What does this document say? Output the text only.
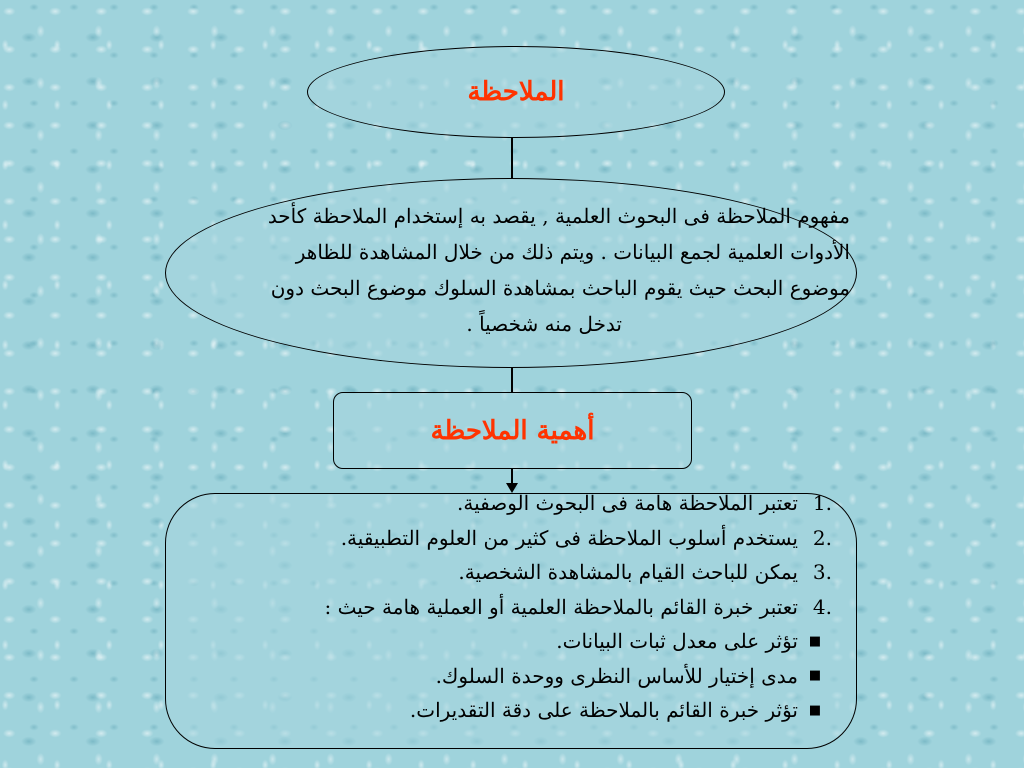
الملاحظة
مفهوم الملاحظة فى البحوث العلمية , يقصد به إستخدام الملاحظة كأحد
الأدوات العلمية لجمع البيانات . ويتم ذلك من خلال المشاهدة للظاهر
موضوع البحث حيث يقوم الباحث بمشاهدة السلوك موضوع البحث دون
تدخل منه شخصياً .
أهمية الملاحظة
1.
تعتبر الملاحظة هامة فى البحوث الوصفية.
2.
يستخدم أسلوب الملاحظة فى كثير من العلوم التطبيقية.
3.
يمكن للباحث القيام بالمشاهدة الشخصية.
4.
تعتبر خبرة القائم بالملاحظة العلمية أو العملية هامة حيث :
■
تؤثر على معدل ثبات البيانات.
■
مدى إختيار للأساس النظرى ووحدة السلوك.
■
تؤثر خبرة القائم بالملاحظة على دقة التقديرات.
